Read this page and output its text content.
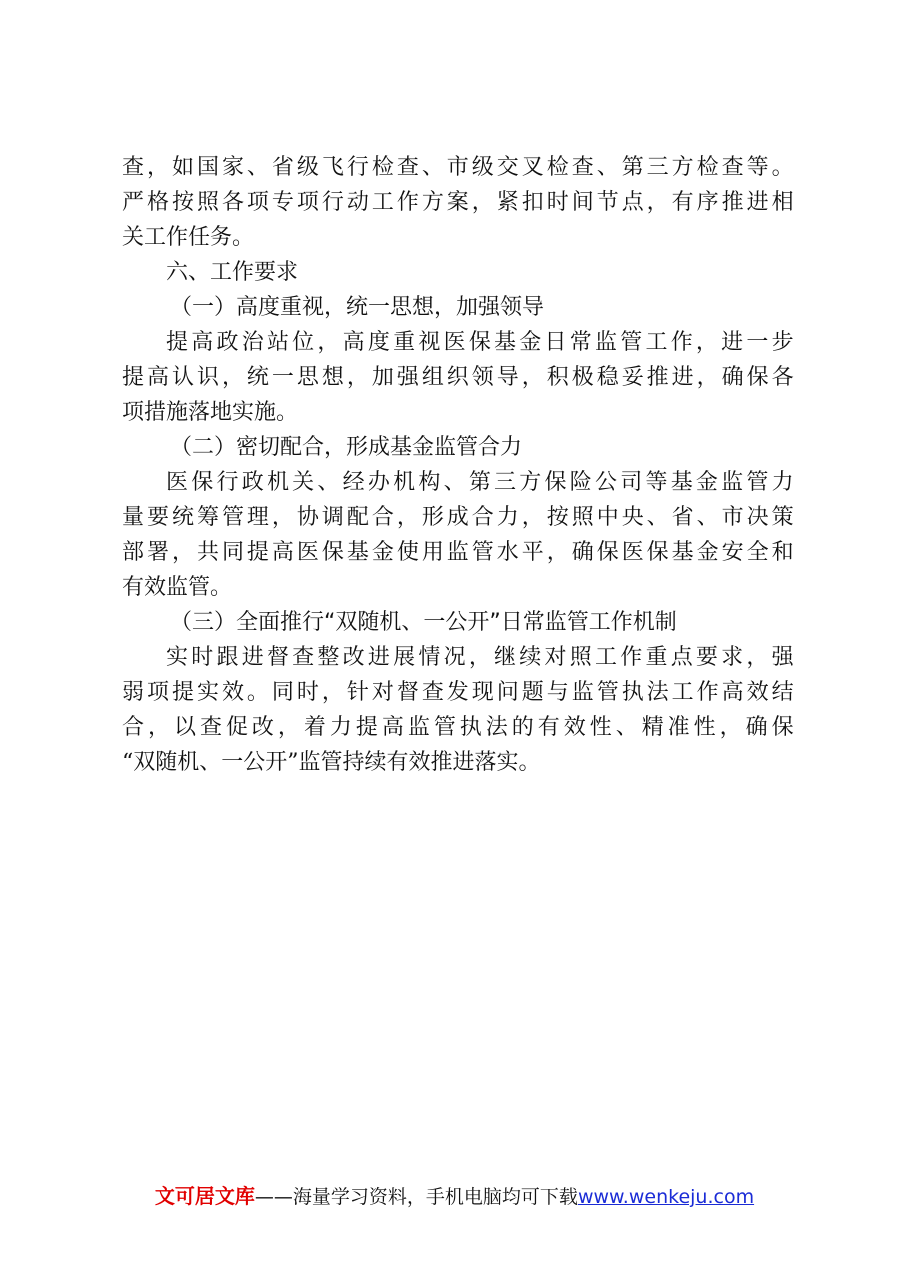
查 ， 如 国 家 、 省 级 飞 行 检 查 、 市 级 交 叉 检 查 、 第 三 方 检 查 等 。
严 格 按 照 各 项 专 项 行 动 工 作 方 案 ， 紧 扣 时 间 节 点 ， 有 序 推 进 相
关工作任务。
六、工作要求
（一）高度重视，统一思想，加强领导
提 高 政 治 站 位 ， 高 度 重 视 医 保 基 金 日 常 监 管 工 作 ， 进 一 步
提 高 认 识 ， 统 一 思 想 ， 加 强 组 织 领 导 ， 积 极 稳 妥 推 进 ， 确 保 各
项措施落地实施。
（二）密切配合，形成基金监管合力
医 保 行 政 机 关 、 经 办 机 构 、 第 三 方 保 险 公 司 等 基 金 监 管 力
量 要 统 筹 管 理 ， 协 调 配 合 ， 形 成 合 力 ， 按 照 中 央 、 省 、 市 决 策
部 署 ， 共 同 提 高 医 保 基 金 使 用 监 管 水 平 ， 确 保 医 保 基 金 安 全 和
有效监管。
（三）全面推行“双随机、一公开”日常监管工作机制
实 时 跟 进 督 查 整 改 进 展 情 况 ， 继 续 对 照 工 作 重 点 要 求 ， 强
弱 项 提 实 效 。 同 时 ， 针 对 督 查 发 现 问 题 与 监 管 执 法 工 作 高 效 结
合 ， 以 查 促 改 ， 着 力 提 高 监 管 执 法 的 有 效 性 、 精 准 性 ， 确 保
“双随机、一公开”监管持续有效推进落实。
文可居文库——海量学习资料，手机电脑均可下载www.wenkeju.com
